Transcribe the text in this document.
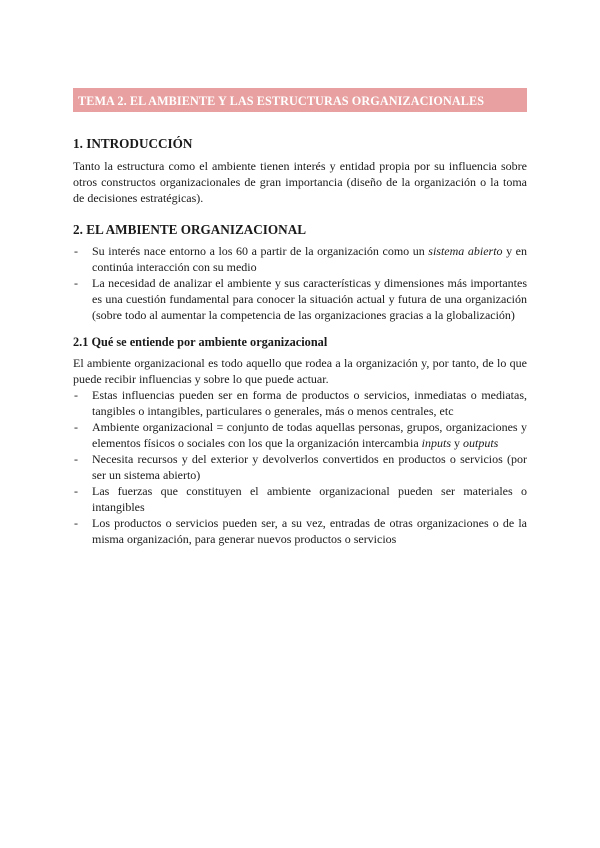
TEMA 2. EL AMBIENTE Y LAS ESTRUCTURAS ORGANIZACIONALES
1. INTRODUCCIÓN

Tanto la estructura como el ambiente tienen interés y entidad propia por su influencia sobre otros constructos organizacionales de gran importancia (diseño de la organización o la toma de decisiones estratégicas).

2. EL AMBIENTE ORGANIZACIONAL
- Su interés nace entorno a los 60 a partir de la organización como un sistema abierto y en continúa interacción con su medio
- La necesidad de analizar el ambiente y sus características y dimensiones más importantes es una cuestión fundamental para conocer la situación actual y futura de una organización (sobre todo al aumentar la competencia de las organizaciones gracias a la globalización)
2.1 Qué se entiende por ambiente organizacional

El ambiente organizacional es todo aquello que rodea a la organización y, por tanto, de lo que puede recibir influencias y sobre lo que puede actuar.

- Estas influencias pueden ser en forma de productos o servicios, inmediatas o mediatas, tangibles o intangibles, particulares o generales, más o menos centrales, etc
- Ambiente organizacional = conjunto de todas aquellas personas, grupos, organizaciones y elementos físicos o sociales con los que la organización intercambia inputs y outputs
- Necesita recursos y del exterior y devolverlos convertidos en productos o servicios (por ser un sistema abierto)
- Las fuerzas que constituyen el ambiente organizacional pueden ser materiales o intangibles
- Los productos o servicios pueden ser, a su vez, entradas de otras organizaciones o de la misma organización, para generar nuevos productos o servicios
